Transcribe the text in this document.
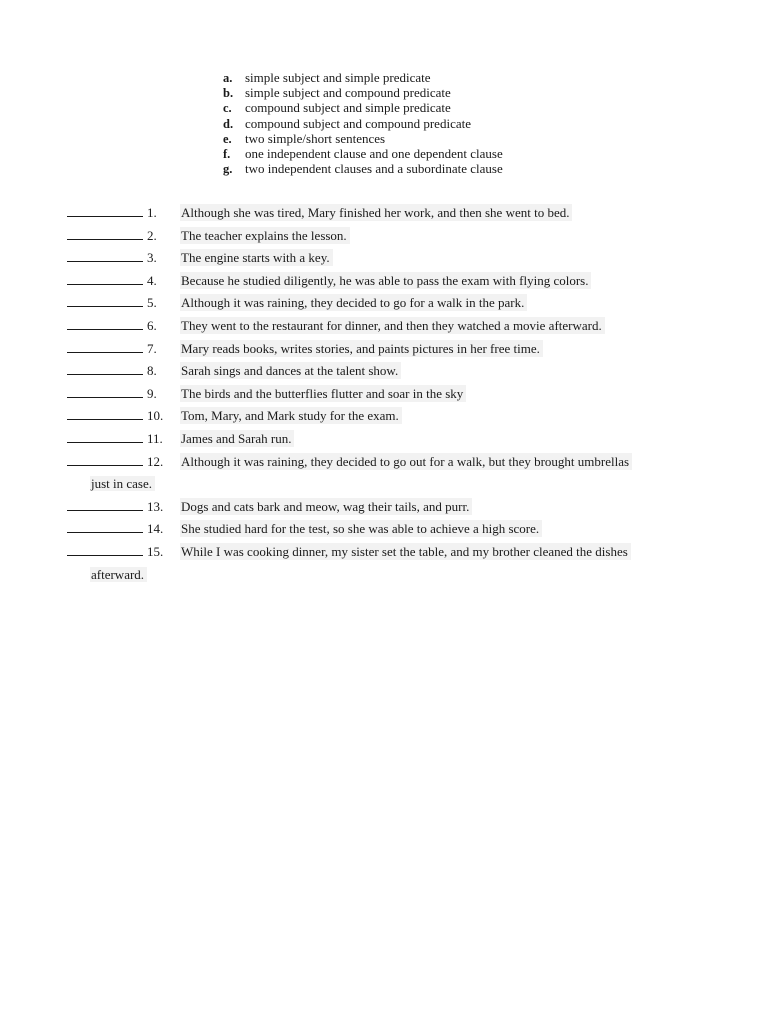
a. simple subject and simple predicate
b. simple subject and compound predicate
c.	compound subject and simple predicate
d. compound subject and compound predicate
e.	two simple/short sentences
f.	one independent clause and one dependent clause
g. two independent clauses and a subordinate clause
1.	Although she was tired, Mary finished her work, and then she went to bed.
2.	The teacher explains the lesson.
3.	The engine starts with a key.
4.	Because he studied diligently, he was able to pass the exam with flying colors.
5.	Although it was raining, they decided to go for a walk in the park.
6.	They went to the restaurant for dinner, and then they watched a movie afterward.
7.	Mary reads books, writes stories, and paints pictures in her free time.
8.	Sarah sings and dances at the talent show.
9.	The birds and the butterflies flutter and soar in the sky
10.	Tom, Mary, and Mark study for the exam.
11.	James and Sarah run.
12.	Although it was raining, they decided to go out for a walk, but they brought umbrellas
just in case.
13.	Dogs and cats bark and meow, wag their tails, and purr.
14.	She studied hard for the test, so she was able to achieve a high score.
15.	While I was cooking dinner, my sister set the table, and my brother cleaned the dishes
afterward.
